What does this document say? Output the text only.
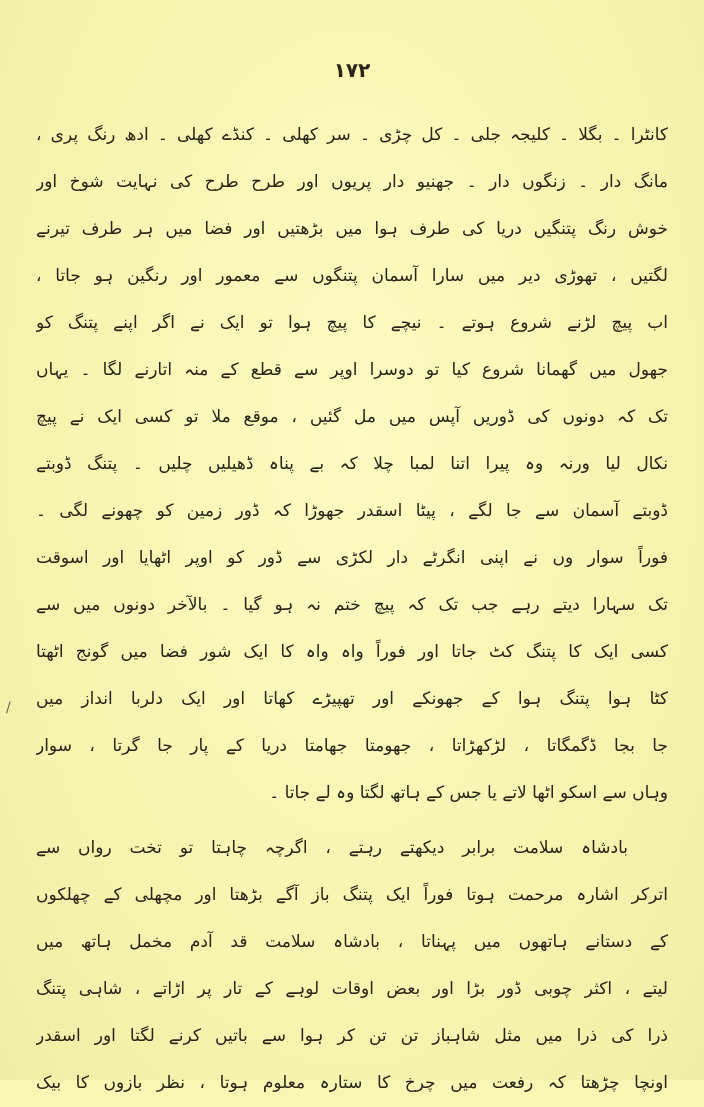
۱۷۲
کانٹرا ۔ بگلا ۔ کلیجہ جلی ۔ کل چڑی ۔ سر کھلی ۔ کنڈے کھلی ۔ ادھ رنگ پری ،
مانگ دار ۔ زنگوں دار ۔ جھنیو دار پریوں اور طرح طرح کی نہایت شوخ اور
خوش رنگ پتنگیں دریا کی طرف ہوا میں بڑھتیں اور فضا میں ہر طرف تیرنے
لگتیں ، تھوڑی دیر میں سارا آسمان پتنگوں سے معمور اور رنگین ہو جاتا ،
اب پیچ لڑنے شروع ہوتے ۔ نیچے کا پیچ ہوا تو ایک نے اگر اپنے پتنگ کو
جھول میں گھمانا شروع کیا تو دوسرا اوپر سے قطع کے منہ اتارنے لگا ۔ یہاں
تک کہ دونوں کی ڈوریں آپس میں مل گئیں ، موقع ملا تو کسی ایک نے پیچ
نکال لیا ورنہ وہ پیرا اتنا لمبا چلا کہ بے پناہ ڈھیلیں چلیں ۔ پتنگ ڈوبتے
ڈوبتے آسمان سے جا لگے ، پیٹا اسقدر جھوڑا کہ ڈور زمین کو چھونے لگی ۔
فوراً سوار وں نے اپنی انگرٹے دار لکڑی سے ڈور کو اوپر اٹھایا اور اسوقت
تک سہارا دیتے رہے جب تک کہ پیچ ختم نہ ہو گیا ۔ بالآخر دونوں میں سے
کسی ایک کا پتنگ کٹ جاتا اور فوراً واہ واہ کا ایک شور فضا میں گونج اٹھتا
کٹا ہوا پتنگ ہوا کے جھونکے اور تھپیڑے کھاتا اور ایک دلربا انداز میں
جا بجا ڈگمگاتا ، لڑکھڑاتا ، جھومتا جھامتا دریا کے پار جا گرتا ، سوار
وہاں سے اسکو اٹھا لاتے یا جس کے ہاتھ لگتا وہ لے جاتا ۔
بادشاہ سلامت برابر دیکھتے رہتے ، اگرچہ چاہتا تو تخت رواں سے
اترکر اشارہ مرحمت ہوتا فوراً ایک پتنگ باز آگے بڑھتا اور مچھلی کے چھلکوں
کے دستانے ہاتھوں میں پہناتا ، بادشاہ سلامت قد آدم مخمل ہاتھ میں
لیتے ، اکثر چوبی ڈور بڑا اور بعض اوقات لوہے کے تار پر اڑاتے ، شاہی پتنگ
ذرا کی ذرا میں مثل شاہباز تن تن کر ہوا سے باتیں کرنے لگتا اور اسقدر
اونچا چڑھتا کہ رفعت میں چرخ کا ستارہ معلوم ہوتا ، نظر بازوں کا بیک
/
